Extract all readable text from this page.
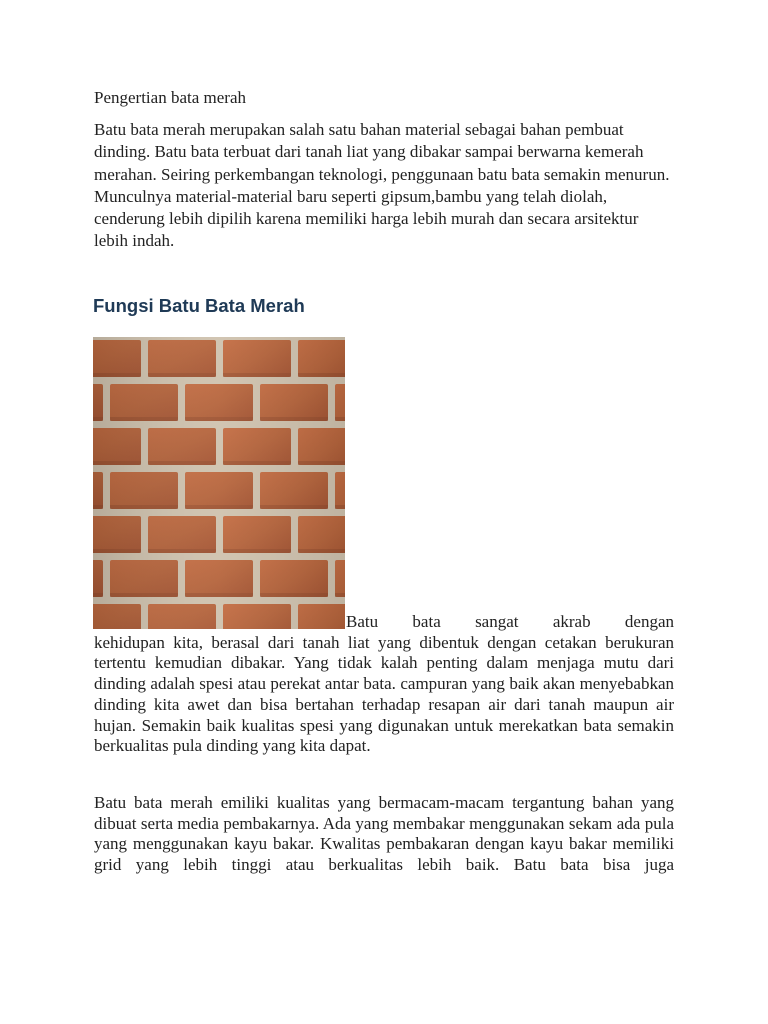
Pengertian bata merah

Batu bata merah merupakan salah satu bahan material sebagai bahan pembuat dinding. Batu bata terbuat dari tanah liat yang dibakar sampai berwarna kemerah merahan. Seiring perkembangan teknologi, penggunaan batu bata semakin menurun. Munculnya material-material baru seperti gipsum,bambu yang telah diolah, cenderung lebih dipilih karena memiliki harga lebih murah dan secara arsitektur lebih indah.

Fungsi Batu Bata Merah

Batu bata sangat akrab dengan
kehidupan kita, berasal dari tanah liat yang dibentuk dengan cetakan berukuran tertentu kemudian dibakar. Yang tidak kalah penting dalam menjaga mutu dari dinding adalah spesi atau perekat antar bata. campuran yang baik akan menyebabkan dinding kita awet dan bisa bertahan terhadap resapan air dari tanah maupun air hujan. Semakin baik kualitas spesi yang digunakan untuk merekatkan bata semakin berkualitas pula dinding yang kita dapat.

Batu bata merah emiliki kualitas yang bermacam-macam tergantung bahan yang dibuat serta media pembakarnya. Ada yang membakar menggunakan sekam ada pula yang menggunakan kayu bakar. Kwalitas pembakaran dengan kayu bakar memiliki grid yang lebih tinggi atau berkualitas lebih baik. Batu bata bisa juga
